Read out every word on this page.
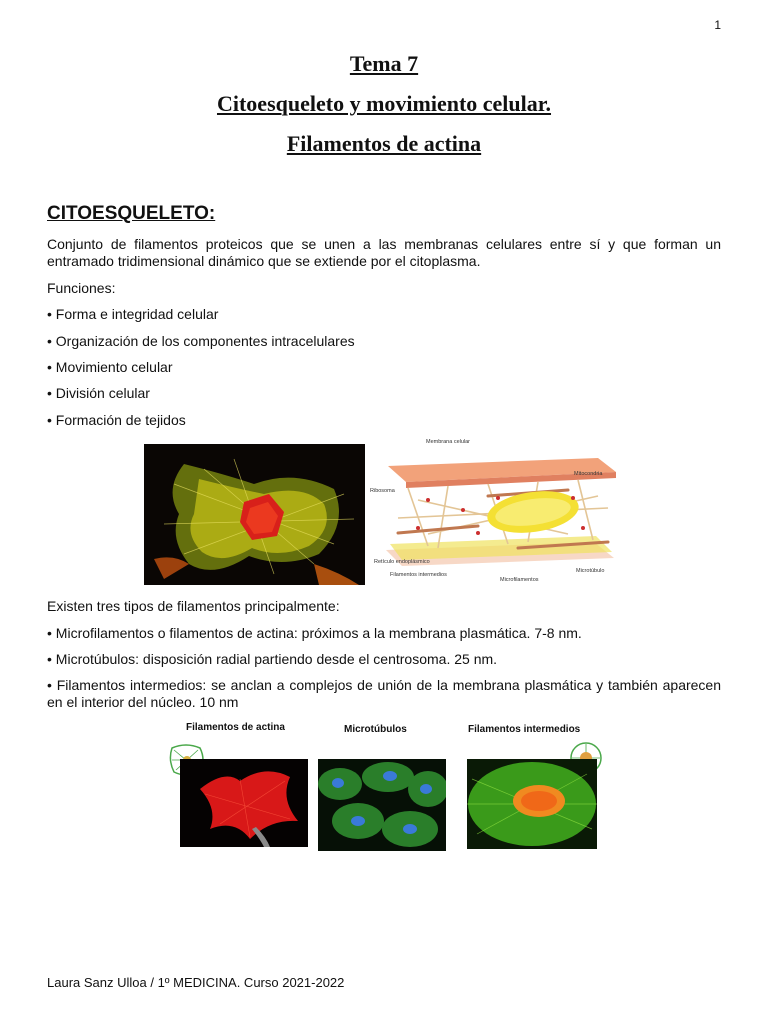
1
Tema 7
Citoesqueleto y movimiento celular.
Filamentos de actina
CITOESQUELETO:
Conjunto de filamentos proteicos que se unen a las membranas celulares entre sí y que forman un entramado tridimensional dinámico que se extiende por el citoplasma.
Funciones:
• Forma e integridad celular
• Organización de los componentes intracelulares
• Movimiento celular
• División celular
• Formación de tejidos
Membrana celular
Mitocondria
Ribosoma
Retículo endoplásmico
Filamentos intermedios
Microfilamentos
Microtúbulo
Existen tres tipos de filamentos principalmente:
• Microfilamentos o filamentos de actina: próximos a la membrana plasmática. 7-8 nm.
• Microtúbulos: disposición radial partiendo desde el centrosoma. 25 nm.
• Filamentos intermedios: se anclan a complejos de unión de la membrana plasmática y también aparecen en el interior del núcleo. 10 nm
Filamentos de actina	Microtúbulos	Filamentos intermedios
Laura Sanz Ulloa / 1º MEDICINA. Curso 2021-2022
